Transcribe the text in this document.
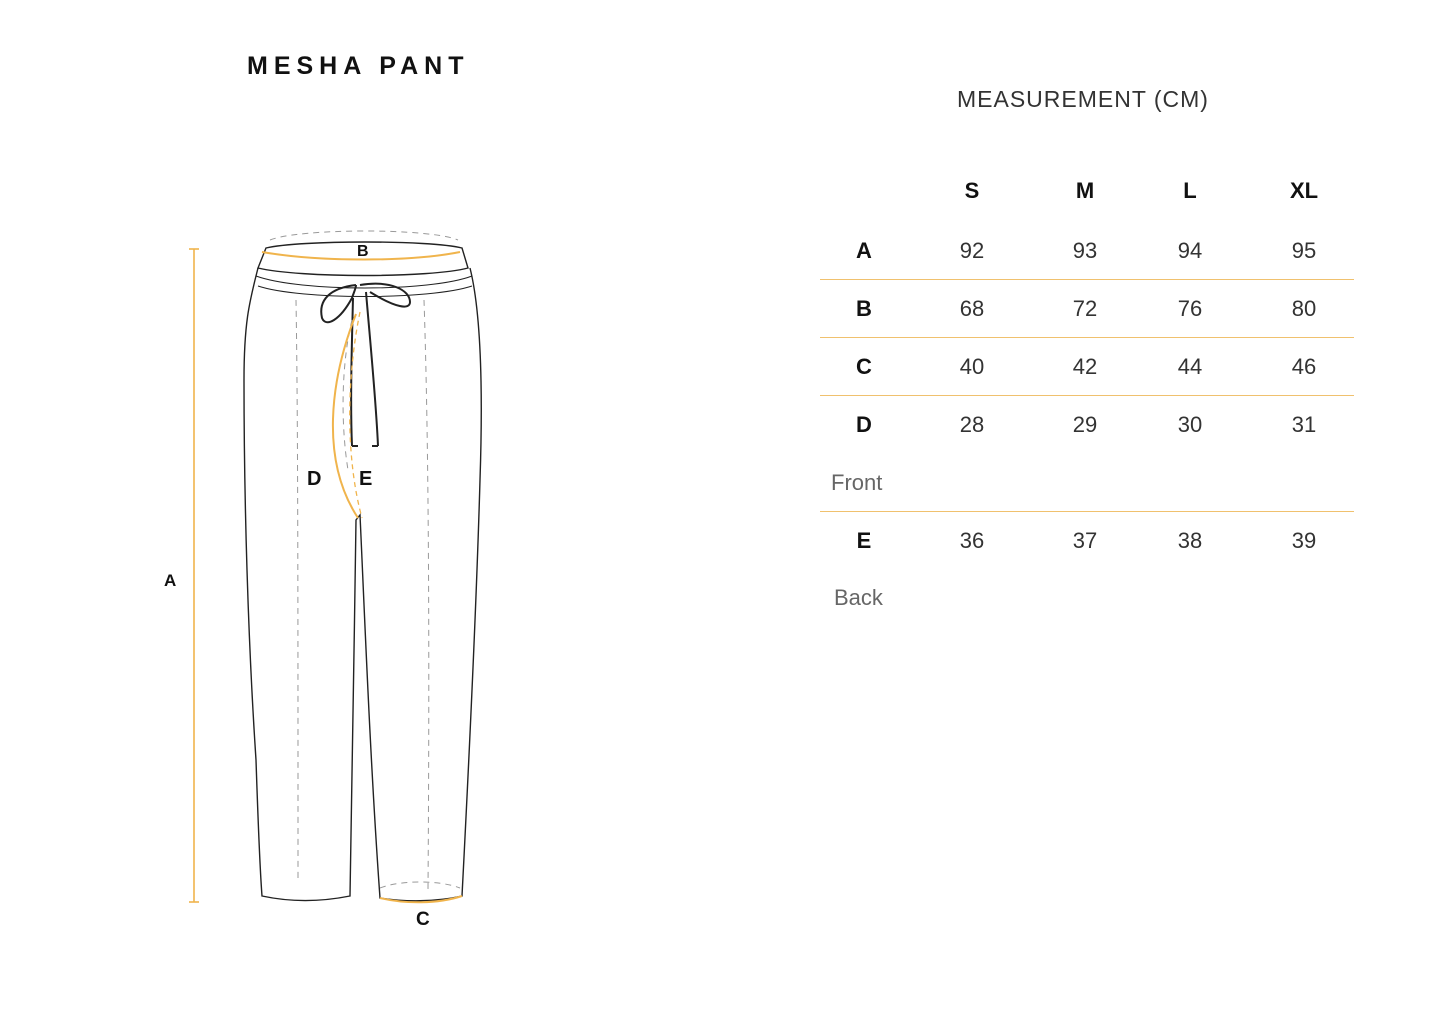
MESHA PANT
A
B
D E
C
MEASUREMENT (CM)
S	M	L	XL
A	92	93	94	95
B	68	72	76	80
C	40	42	44	46
D	28	29	30	31
Front
E	36	37	38	39
Back
